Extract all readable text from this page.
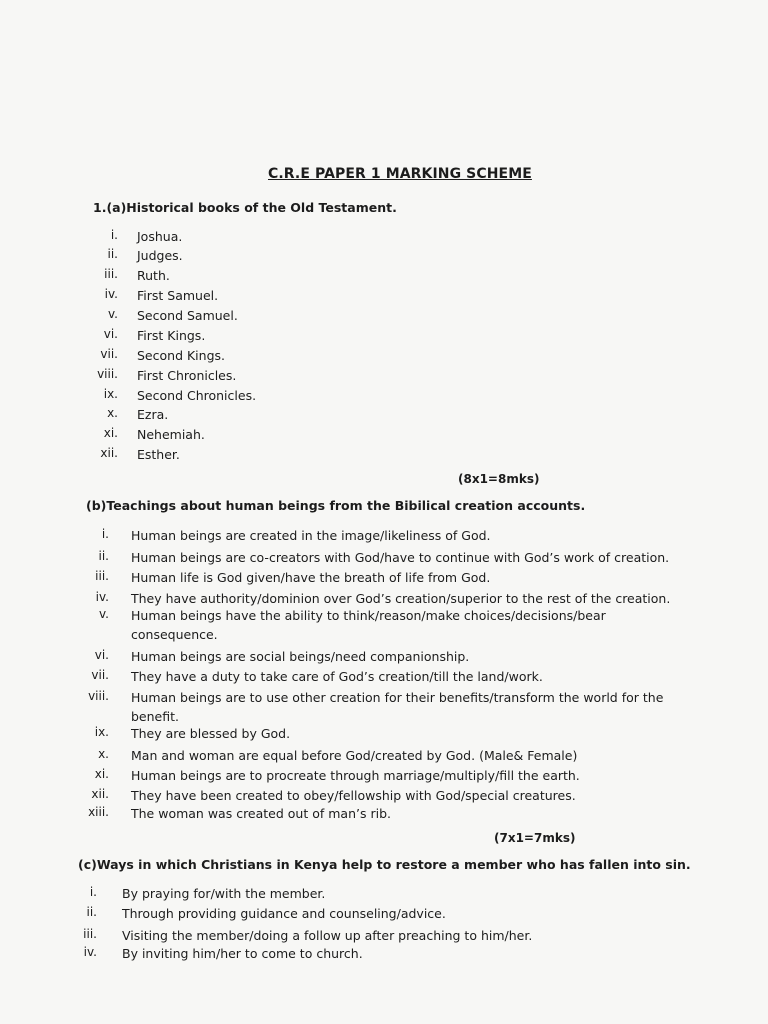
C.R.E PAPER 1 MARKING SCHEME
1.(a)Historical books of the Old Testament.
i. Joshua.
ii. Judges.
iii. Ruth.
iv. First Samuel.
v. Second Samuel.
vi. First Kings.
vii. Second Kings.
viii. First Chronicles.
ix. Second Chronicles.
x. Ezra.
xi. Nehemiah.
xii. Esther.
(8x1=8mks)
(b)Teachings about human beings from the Bibilical creation accounts.
i. Human beings are created in the image/likeliness of God.
ii. Human beings are co-creators with God/have to continue with God’s work of creation.
iii. Human life is God given/have the breath of life from God.
iv. They have authority/dominion over God’s creation/superior to the rest of the creation.
v. Human beings have the ability to think/reason/make choices/decisions/bear consequence.
vi. Human beings are social beings/need companionship.
vii. They have a duty to take care of God’s creation/till the land/work.
viii. Human beings are to use other creation for their benefits/transform the world for the benefit.
ix. They are blessed by God.
x. Man and woman are equal before God/created by God. (Male& Female)
xi. Human beings are to procreate through marriage/multiply/fill the earth.
xii. They have been created to obey/fellowship with God/special creatures.
xiii. The woman was created out of man’s rib.
(7x1=7mks)
(c)Ways in which Christians in Kenya help to restore a member who has fallen into sin.
i. By praying for/with the member.
ii. Through providing guidance and counseling/advice.
iii. Visiting the member/doing a follow up after preaching to him/her.
iv. By inviting him/her to come to church.
